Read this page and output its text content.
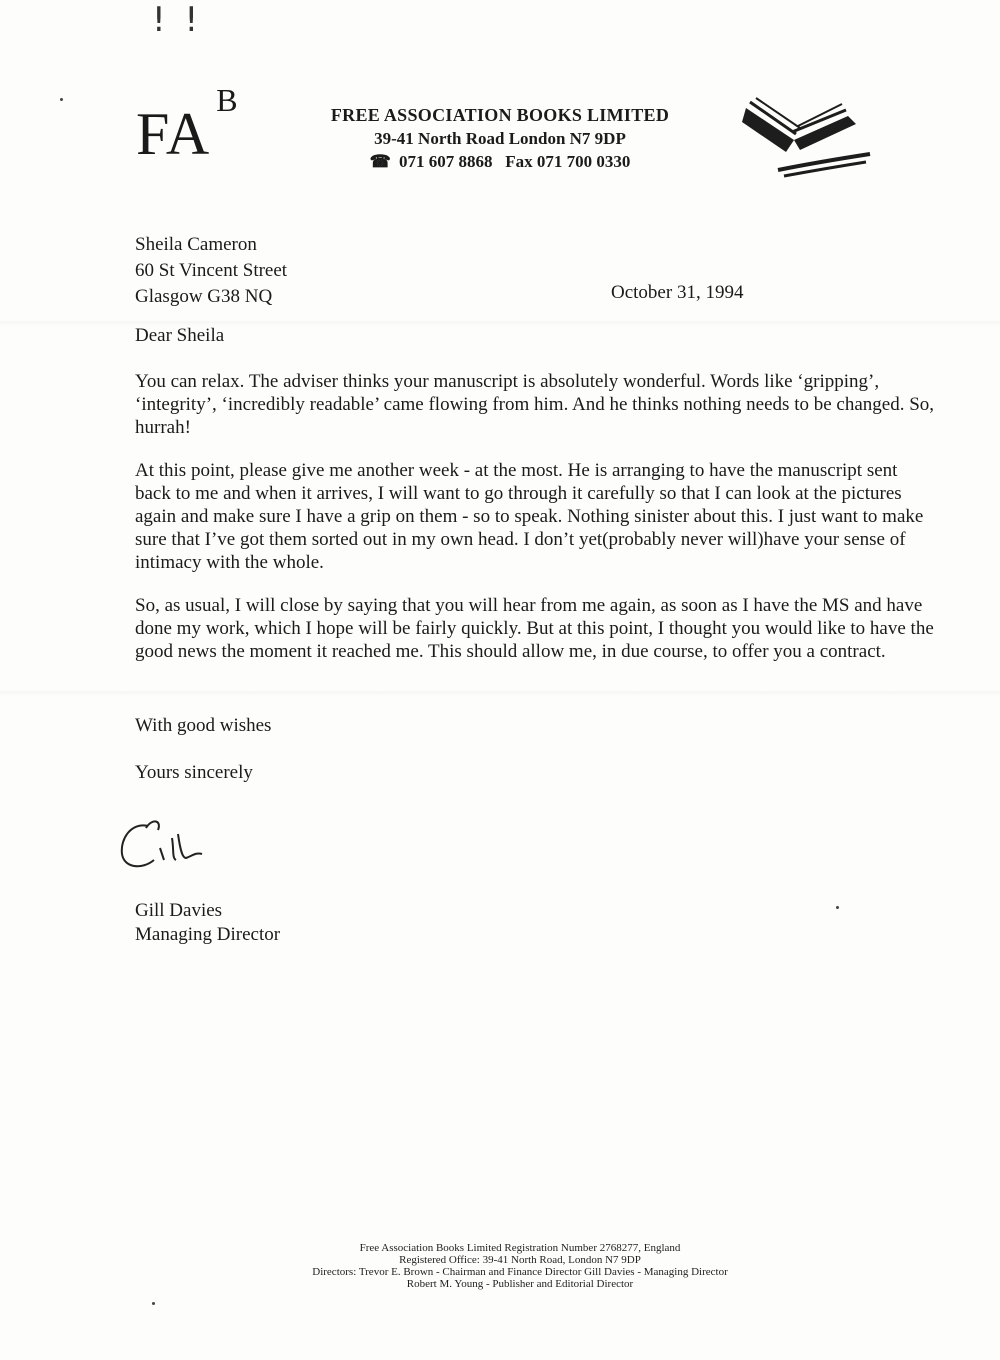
! !
$FA^B$	FREE ASSOCIATION BOOKS LIMITED
39-41 North Road London N7 9DP
☎ 071 607 8868 Fax 071 700 0330
Sheila Cameron
60 St Vincent Street
Glasgow G38 NQ	October 31, 1994
Dear Sheila

You can relax. The adviser thinks your manuscript is absolutely wonderful. Words like ‘gripping’, ‘integrity’, ‘incredibly readable’ came flowing from him. And he thinks nothing needs to be changed. So, hurrah!

At this point, please give me another week - at the most. He is arranging to have the manuscript sent back to me and when it arrives, I will want to go through it carefully so that I can look at the pictures again and make sure I have a grip on them - so to speak. Nothing sinister about this. I just want to make sure that I’ve got them sorted out in my own head. I don’t yet(probably never will)have your sense of intimacy with the whole.

So, as usual, I will close by saying that you will hear from me again, as soon as I have the MS and have done my work, which I hope will be fairly quickly. But at this point, I thought you would like to have the good news the moment it reached me. This should allow me, in due course, to offer you a contract.

With good wishes
Yours sincerely
Gill Davies
Managing Director
Free Association Books Limited Registration Number 2768277, England
Registered Office: 39-41 North Road, London N7 9DP
Directors: Trevor E. Brown - Chairman and Finance Director Gill Davies - Managing Director
Robert M. Young - Publisher and Editorial Director
